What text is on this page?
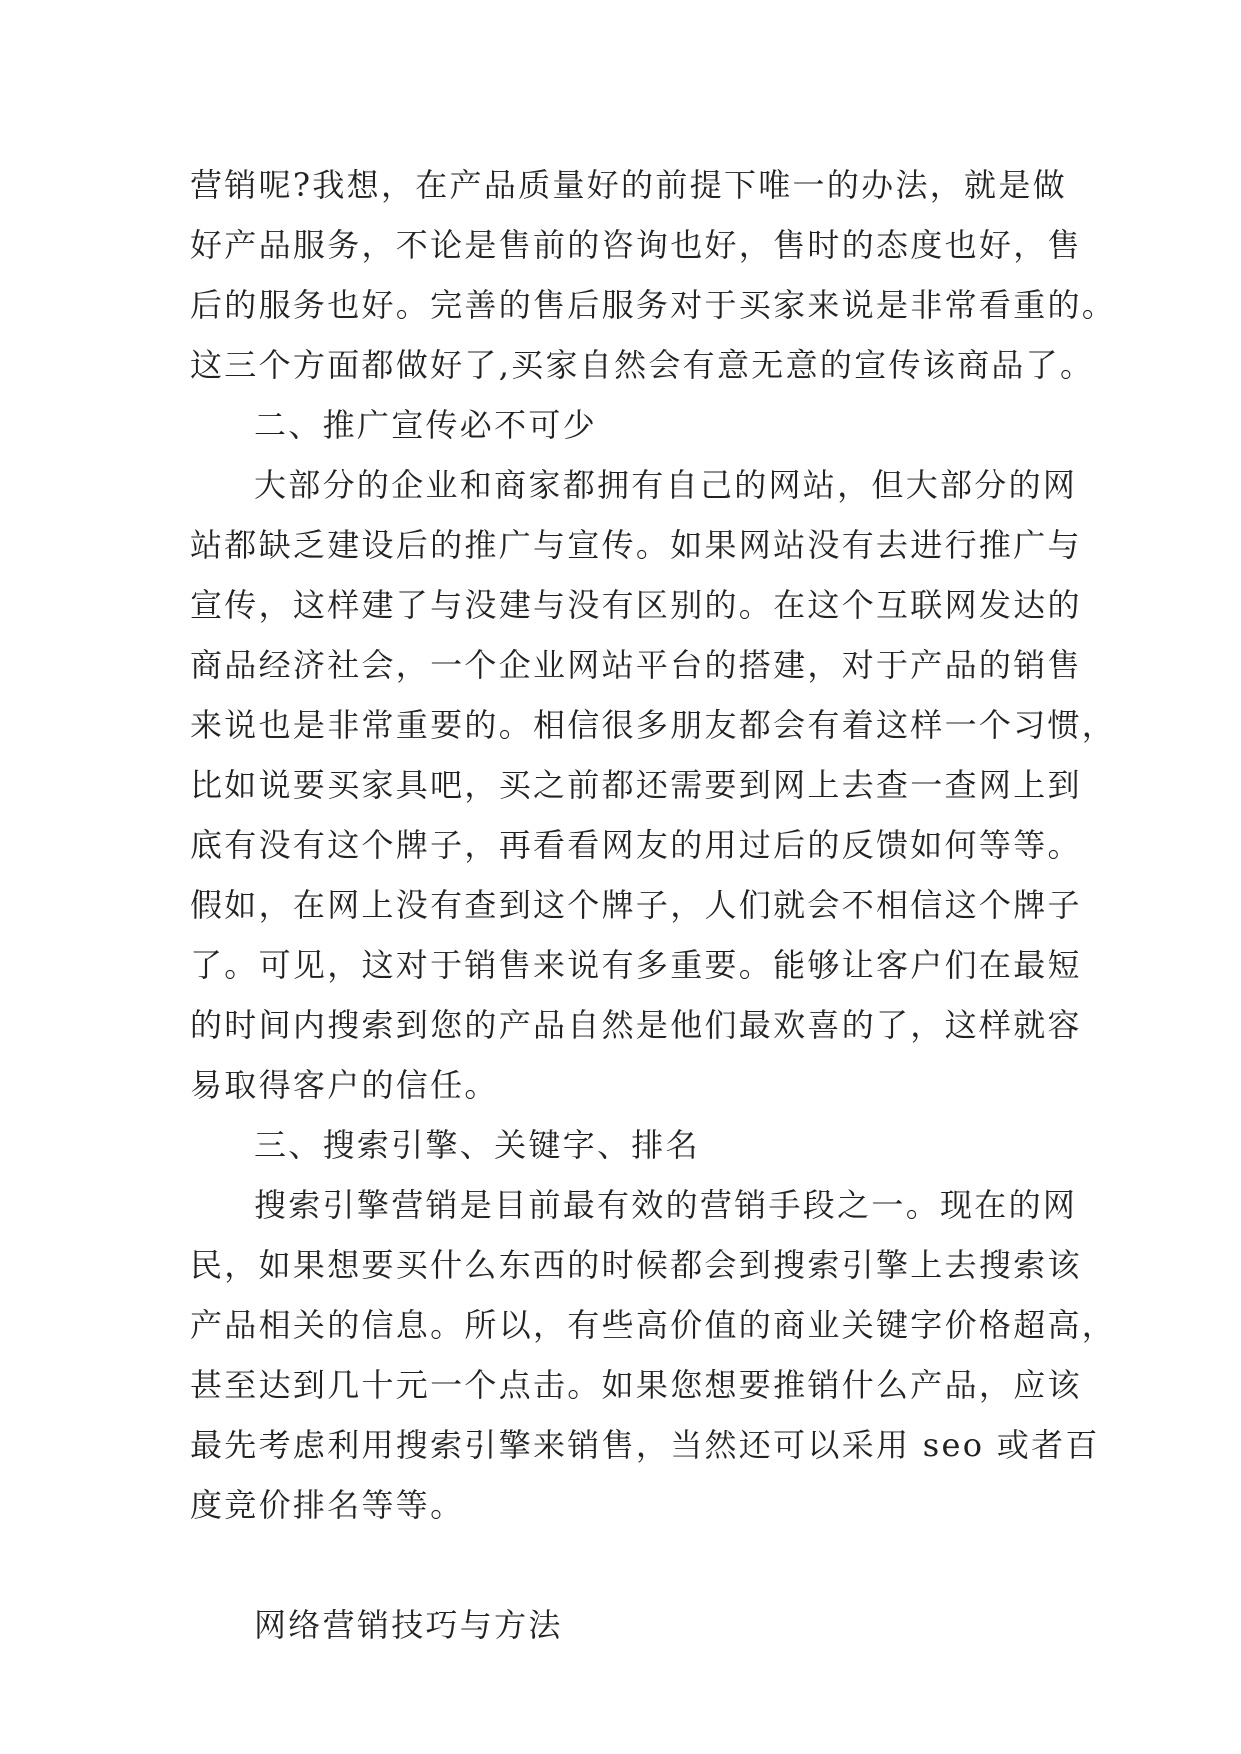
营销呢?我想，在产品质量好的前提下唯一的办法，就是做
好产品服务，不论是售前的咨询也好，售时的态度也好，售
后的服务也好。完善的售后服务对于买家来说是非常看重的。
这三个方面都做好了,买家自然会有意无意的宣传该商品了。
二、推广宣传必不可少
大部分的企业和商家都拥有自己的网站，但大部分的网
站都缺乏建设后的推广与宣传。如果网站没有去进行推广与
宣传，这样建了与没建与没有区别的。在这个互联网发达的
商品经济社会，一个企业网站平台的搭建，对于产品的销售
来说也是非常重要的。相信很多朋友都会有着这样一个习惯，
比如说要买家具吧，买之前都还需要到网上去查一查网上到
底有没有这个牌子，再看看网友的用过后的反馈如何等等。
假如，在网上没有查到这个牌子，人们就会不相信这个牌子
了。可见，这对于销售来说有多重要。能够让客户们在最短
的时间内搜索到您的产品自然是他们最欢喜的了，这样就容
易取得客户的信任。
三、搜索引擎、关键字、排名
搜索引擎营销是目前最有效的营销手段之一。现在的网
民，如果想要买什么东西的时候都会到搜索引擎上去搜索该
产品相关的信息。所以，有些高价值的商业关键字价格超高，
甚至达到几十元一个点击。如果您想要推销什么产品，应该
最先考虑利用搜索引擎来销售，当然还可以采用 seo 或者百
度竞价排名等等。
网络营销技巧与方法
